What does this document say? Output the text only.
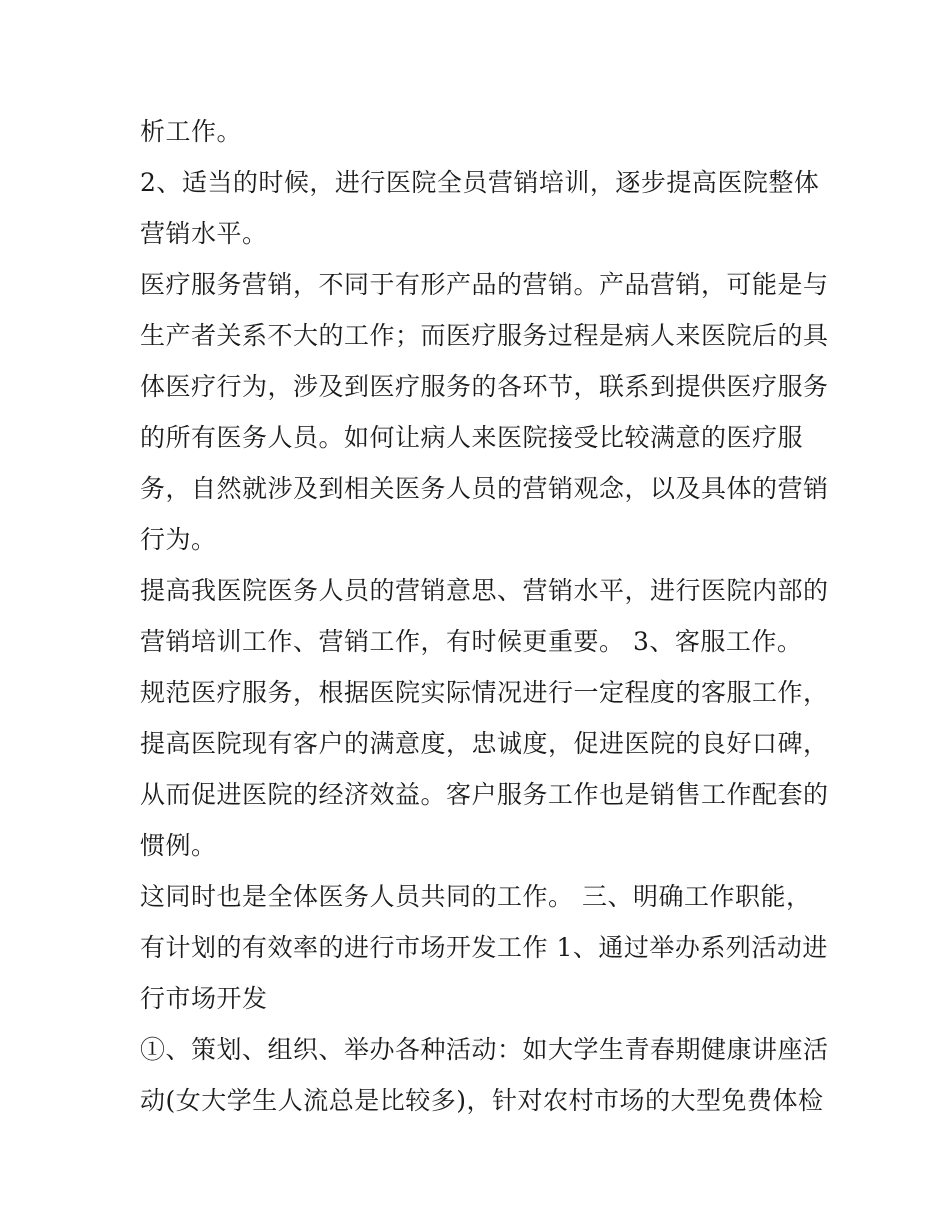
析工作。
2、适当的时候，进行医院全员营销培训，逐步提高医院整体
营销水平。
医疗服务营销，不同于有形产品的营销。产品营销，可能是与
生产者关系不大的工作；而医疗服务过程是病人来医院后的具
体医疗行为，涉及到医疗服务的各环节，联系到提供医疗服务
的所有医务人员。如何让病人来医院接受比较满意的医疗服
务，自然就涉及到相关医务人员的营销观念，以及具体的营销
行为。
提高我医院医务人员的营销意思、营销水平，进行医院内部的
营销培训工作、营销工作，有时候更重要。 3、客服工作。
规范医疗服务，根据医院实际情况进行一定程度的客服工作，
提高医院现有客户的满意度，忠诚度，促进医院的良好口碑，
从而促进医院的经济效益。客户服务工作也是销售工作配套的
惯例。
这同时也是全体医务人员共同的工作。 三、明确工作职能，
有计划的有效率的进行市场开发工作 1、通过举办系列活动进
行市场开发
①、策划、组织、举办各种活动：如大学生青春期健康讲座活
动(女大学生人流总是比较多)，针对农村市场的大型免费体检
